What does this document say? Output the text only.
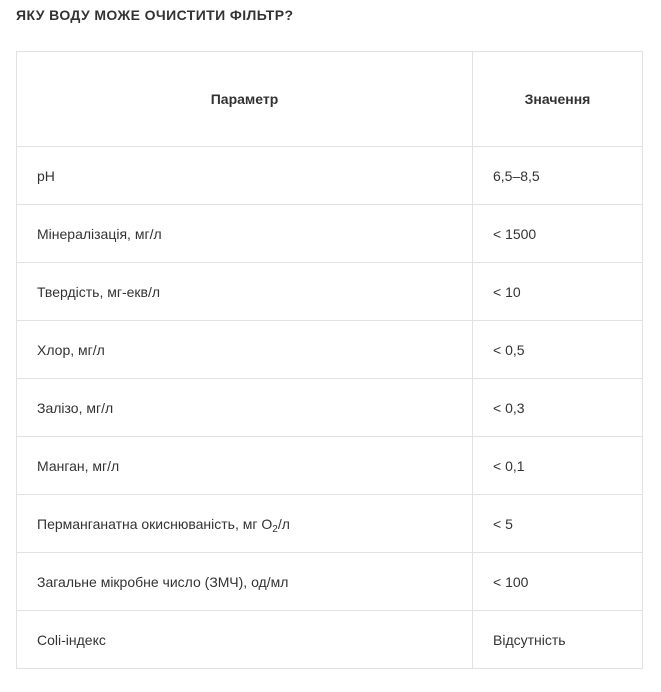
ЯКУ ВОДУ МОЖЕ ОЧИСТИТИ ФІЛЬТР?
Параметр	Значення
pH	6,5–8,5
Мінералізація, мг/л	< 1500
Твердість, мг-екв/л	< 10
Хлор, мг/л	< 0,5
Залізо, мг/л	< 0,3
Манган, мг/л	< 0,1
Перманганатна окиснюваність, мг $O_2/л$	< 5
Загальне мікробне число (ЗМЧ), од/мл	< 100
Coli-індекс	Відсутність
